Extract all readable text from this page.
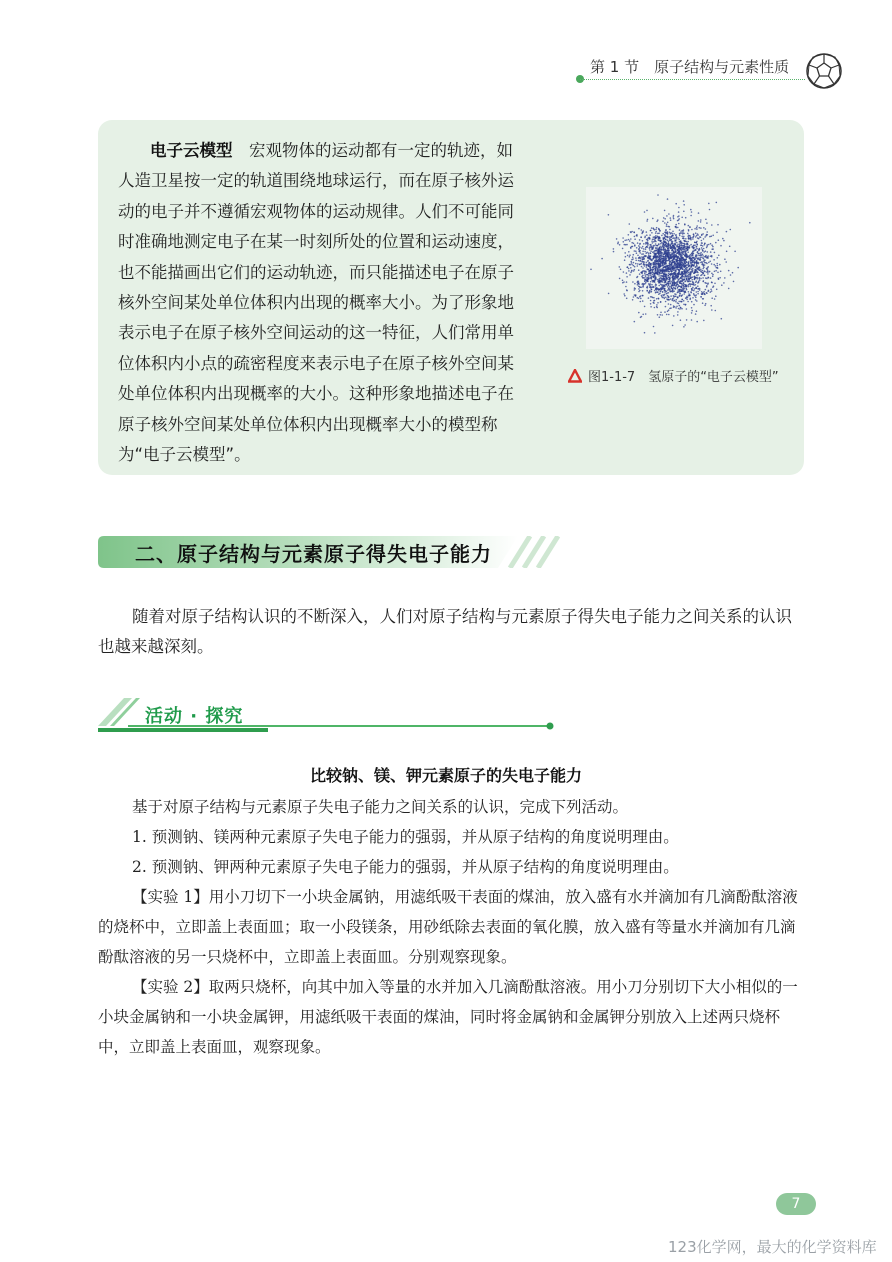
第 1 节　原子结构与元素性质
电子云模型　 宏观物体的运动都有一定的轨迹，如人造卫星按一定的轨道围绕地球运行，而在原子核外运动的电子并不遵循宏观物体的运动规律。人们不可能同时准确地测定电子在某一时刻所处的位置和运动速度，也不能描画出它们的运动轨迹，而只能描述电子在原子核外空间某处单位体积内出现的概率大小。为了形象地表示电子在原子核外空间运动的这一特征，人们常用单位体积内小点的疏密程度来表示电子在原子核外空间某处单位体积内出现概率的大小。这种形象地描述电子在原子核外空间某处单位体积内出现概率大小的模型称为“电子云模型”。
图1-1-7　氢原子的“电子云模型”
二、原子结构与元素原子得失电子能力
随着对原子结构认识的不断深入，人们对原子结构与元素原子得失电子能力之间关系的认识也越来越深刻。
活动 · 探究
比较钠、镁、钾元素原子的失电子能力

基于对原子结构与元素原子失电子能力之间关系的认识，完成下列活动。

1. 预测钠、镁两种元素原子失电子能力的强弱，并从原子结构的角度说明理由。

2. 预测钠、钾两种元素原子失电子能力的强弱，并从原子结构的角度说明理由。

【实验 1】用小刀切下一小块金属钠，用滤纸吸干表面的煤油，放入盛有水并滴加有几滴酚酞溶液的烧杯中，立即盖上表面皿；取一小段镁条，用砂纸除去表面的氧化膜，放入盛有等量水并滴加有几滴酚酞溶液的另一只烧杯中，立即盖上表面皿。分别观察现象。

【实验 2】取两只烧杯，向其中加入等量的水并加入几滴酚酞溶液。用小刀分别切下大小相似的一小块金属钠和一小块金属钾，用滤纸吸干表面的煤油，同时将金属钠和金属钾分别放入上述两只烧杯中，立即盖上表面皿，观察现象。

7
123化学网，最大的化学资料库
